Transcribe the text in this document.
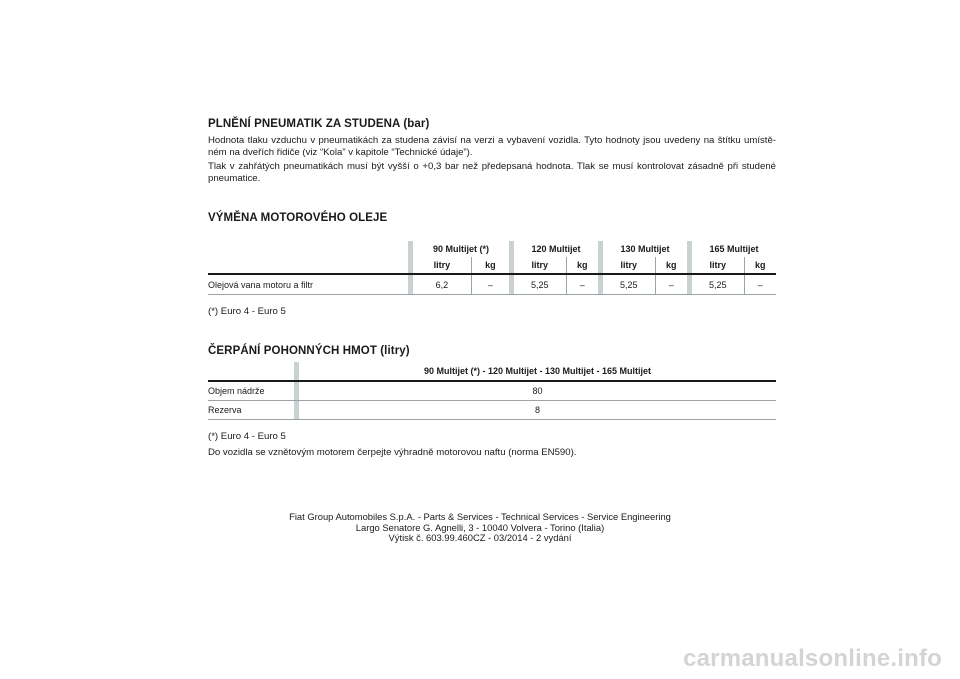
PLNĚNÍ PNEUMATIK ZA STUDENA (bar)

Hodnota tlaku vzduchu v pneumatikách za studena závisí na verzi a vybavení vozidla. Tyto hodnoty jsou uvedeny na štítku umístě-ném na dveřích řidiče (viz “Kola” v kapitole “Technické údaje”).

Tlak v zahřátých pneumatikách musí být vyšší o +0,3 bar než předepsaná hodnota. Tlak se musí kontrolovat zásadně při studené pneumatice.

VÝMĚNA MOTOROVÉHO OLEJE
		90 Multijet (*)			120 Multijet			130 Multijet			165 Multijet	
		litry	kg		litry	kg		litry	kg		litry	kg
Olejová vana motoru a filtr		6,2	–		5,25	–		5,25	–		5,25	–

(*) Euro 4 - Euro 5

ČERPÁNÍ POHONNÝCH HMOT (litry)
		90 Multijet (*) - 120 Multijet - 130 Multijet - 165 Multijet
Objem nádrže		80
Rezerva		8

(*) Euro 4 - Euro 5

Do vozidla se vznětovým motorem čerpejte výhradně motorovou naftu (norma EN590).

Fiat Group Automobiles S.p.A. - Parts & Services - Technical Services - Service Engineering
Largo Senatore G. Agnelli, 3 - 10040 Volvera - Torino (Italia)
Výtisk č. 603.99.460CZ - 03/2014 - 2 vydání
carmanualsonline.info
